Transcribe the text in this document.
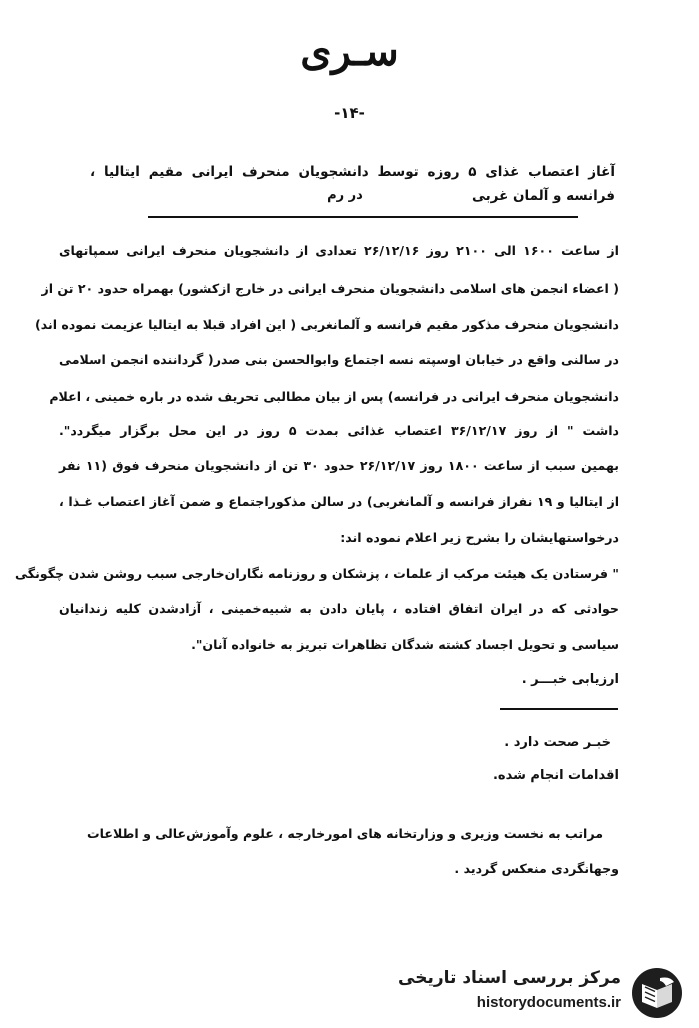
سـری
-۱۴-
آغاز اعتصاب غذای ۵ روزه توسط دانشجویان منحرف ایرانی مقیم ایتالیا ، فرانسه و آلمان غربی
در رم
از ساعت ۱۶۰۰ الی ۲۱۰۰ روز ۲۶/۱۲/۱۶ تعدادی از دانشجویان منحرف ایرانی سمپاتهای
( اعضاء انجمن های اسلامی دانشجویان منحرف ایرانی در خارج ازکشور) بهمراه حدود ۲۰ تن از
دانشجویان منحرف مذکور مقیم فرانسه و آلمانغربی ( این افراد قبلا به ایتالیا عزیمت نموده اند)
در سالنی واقع در خیابان اوسپته نسه اجتماع وابوالحسن بنی صدر( گرداننده انجمن اسلامی
دانشجویان منحرف ایرانی در فرانسه) پس از بیان مطالبی تحریف شده در باره خمینی ، اعلام
داشت " از روز ۳۶/۱۲/۱۷ اعتصاب غذائی بمدت ۵ روز در این محل برگزار میگردد".
بهمین سبب از ساعت ۱۸۰۰ روز ۲۶/۱۲/۱۷ حدود ۳۰ تن از دانشجویان منحرف فوق (۱۱ نفر
از ایتالیا و ۱۹ نفراز فرانسه و آلمانغربی) در سالن مذکوراجتماع و ضمن آغاز اعتصاب غـذا ،
درخواستهایشان را بشرح زیر اعلام نموده اند:
" فرستادن یک هیئت مرکب از علمات ، پزشکان و روزنامه نگاران‌خارجی سبب روشن شدن چگونگی
حوادثی که در ایران اتفاق افتاده ، پایان دادن به شبیه‌خمینی ، آزادشدن کلیه زندانیان
سیاسی و تحویل اجساد کشته شدگان تظاهرات تبریز به خانواده آنان".
ارزیابی خبـــر .
خبـر صحت دارد .
اقدامات انجام شده.
مراتب به نخست وزیری و وزارتخانه های امورخارجه ، علوم وآموزش‌عالی و اطلاعات
وجهانگردی منعکس گردید .
مرکز بررسی اسناد تاریخی
historydocuments.ir
